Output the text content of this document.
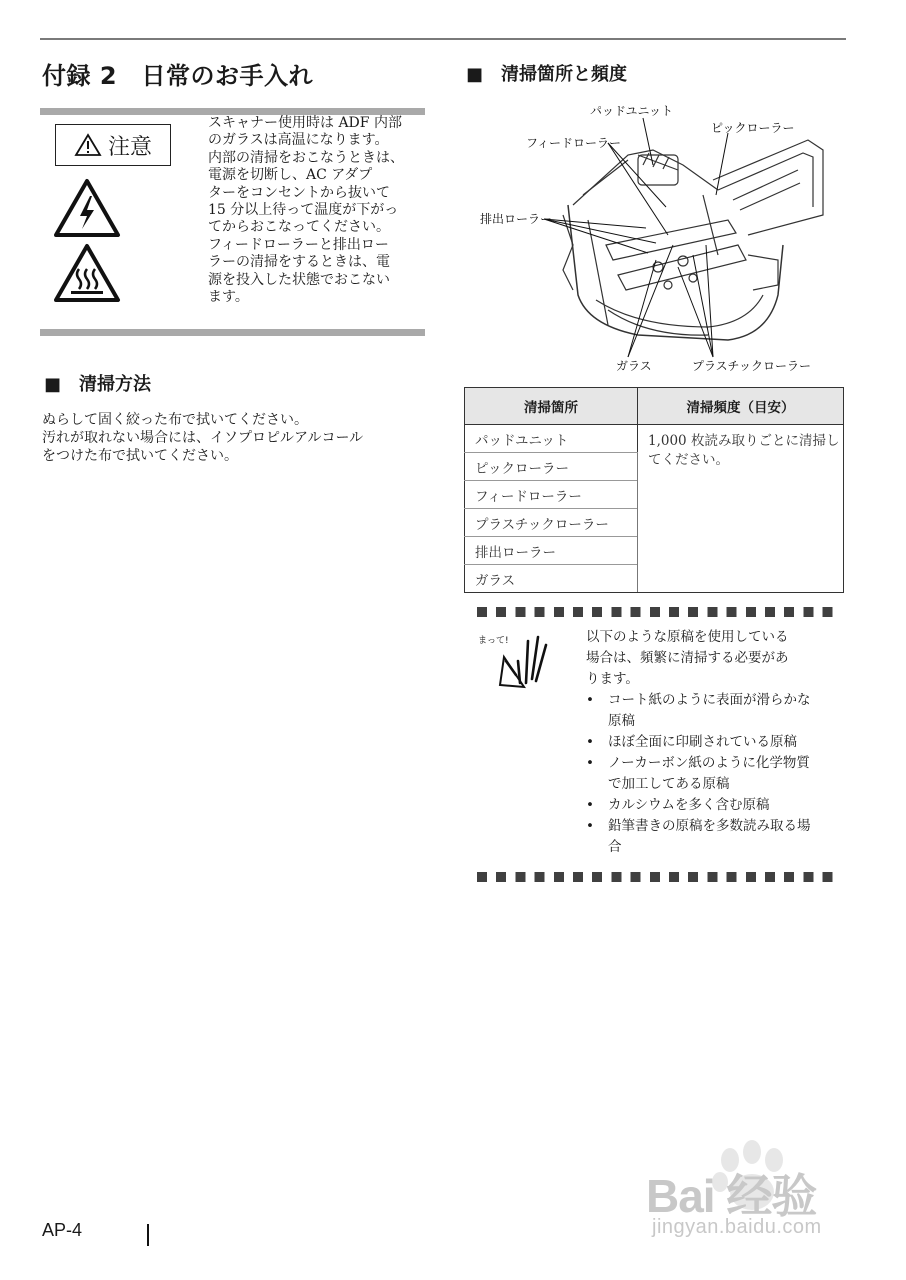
付録 2　日常のお手入れ
注意
スキャナー使用時は ADF 内部
のガラスは高温になります。
内部の清掃をおこなうときは、
電源を切断し、AC アダプ
ターをコンセントから抜いて
15 分以上待って温度が下がっ
てからおこなってください。
フィードローラーと排出ロー
ラーの清掃をするときは、電
源を投入した状態でおこない
ます。
■　清掃方法
ぬらして固く絞った布で拭いてください。
汚れが取れない場合には、イソプロピルアルコール
をつけた布で拭いてください。
■　清掃箇所と頻度
パッドユニット
フィードローラー
ピックローラー
排出ローラー
ガラス	プラスチックローラー
清掃箇所	清掃頻度（目安）
パッドユニット	1,000 枚読み取りごとに清掃してください。
ピックローラー	
フィードローラー	
プラスチックローラー	
排出ローラー	
ガラス	
まって!	以下のような原稿を使用している
場合は、頻繁に清掃する必要があ
ります。
•	コート紙のように表面が滑らかな
原稿
•	ほぼ全面に印刷されている原稿
•	ノーカーボン紙のように化学物質
で加工してある原稿
•	カルシウムを多く含む原稿
•	鉛筆書きの原稿を多数読み取る場
合
Bai 经验
jingyan.baidu.com
AP-4
